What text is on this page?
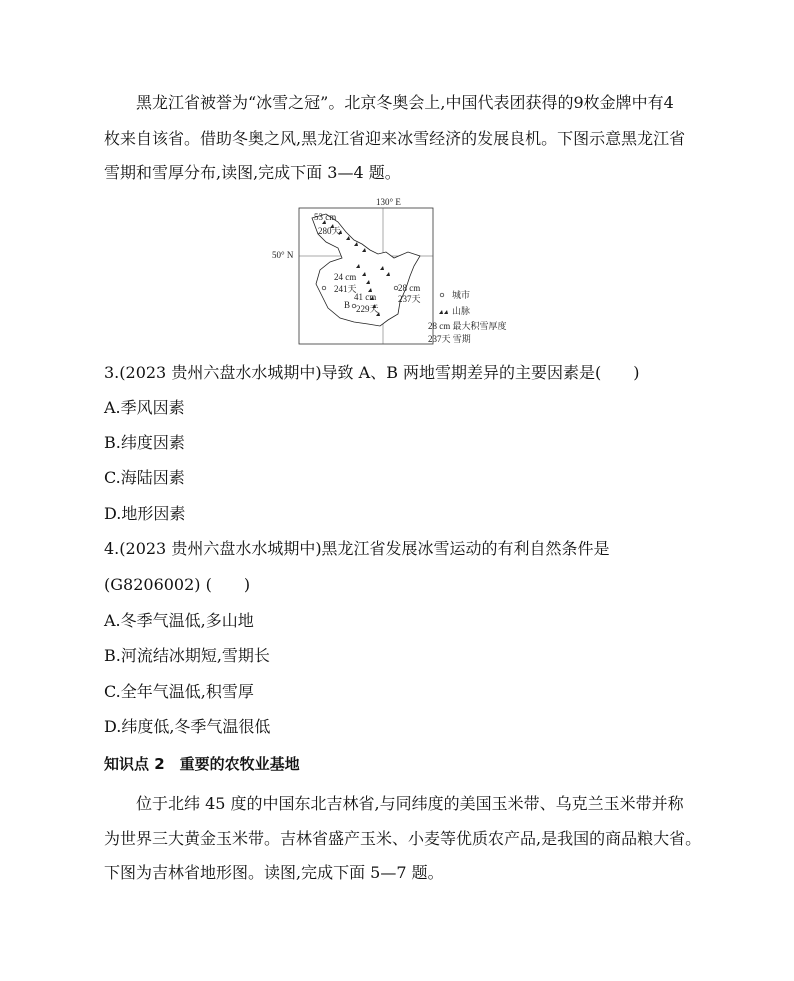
黑龙江省被誉为“冰雪之冠”。北京冬奥会上,中国代表团获得的9枚金牌中有4
枚来自该省。借助冬奥之风,黑龙江省迎来冰雪经济的发展良机。下图示意黑龙江省
雪期和雪厚分布,读图,完成下面 3—4 题。
130° E
50° N
53 cm
280天
24 cm
241天
41 cm
B 229天
28 cm
237天	城市
山脉
28 cm 最大积雪厚度
237天 雪期
3.(2023 贵州六盘水水城期中)导致 A、B 两地雪期差异的主要因素是(　　)
A.季风因素
B.纬度因素
C.海陆因素
D.地形因素
4.(2023 贵州六盘水水城期中)黑龙江省发展冰雪运动的有利自然条件是
(G8206002) (　　)
A.冬季气温低,多山地
B.河流结冰期短,雪期长
C.全年气温低,积雪厚
D.纬度低,冬季气温很低
知识点 2　重要的农牧业基地
位于北纬 45 度的中国东北吉林省,与同纬度的美国玉米带、乌克兰玉米带并称
为世界三大黄金玉米带。吉林省盛产玉米、小麦等优质农产品,是我国的商品粮大省。
下图为吉林省地形图。读图,完成下面 5—7 题。
